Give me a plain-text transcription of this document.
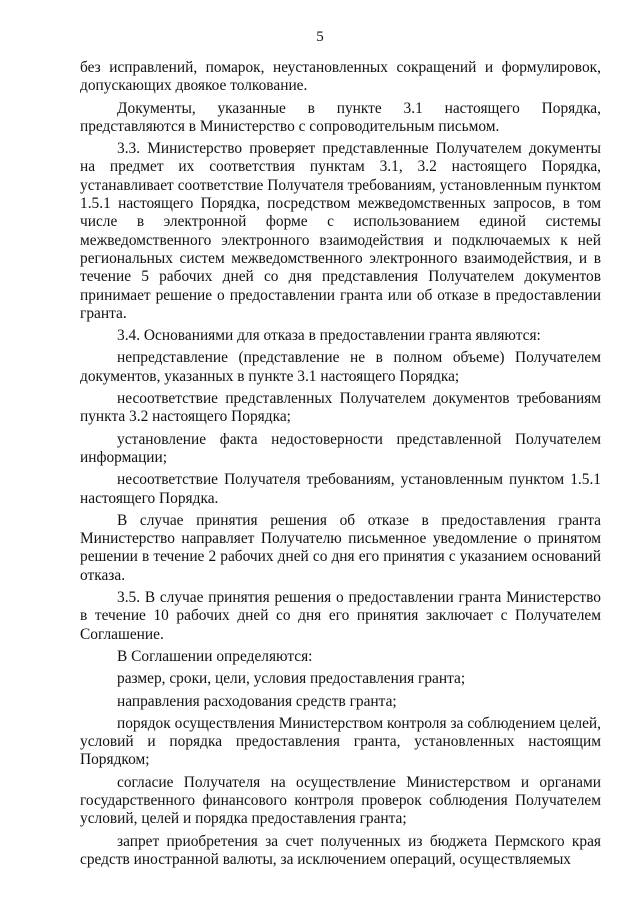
5

без исправлений, помарок, неустановленных сокращений и формулировок, допускающих двоякое толкование.

Документы, указанные в пункте 3.1 настоящего Порядка, представляются в Министерство с сопроводительным письмом.

3.3. Министерство проверяет представленные Получателем документы на предмет их соответствия пунктам 3.1, 3.2 настоящего Порядка, устанавливает соответствие Получателя требованиям, установленным пунктом 1.5.1 настоящего Порядка, посредством межведомственных запросов, в том числе в электронной форме с использованием единой системы межведомственного электронного взаимодействия и подключаемых к ней региональных систем межведомственного электронного взаимодействия, и в течение 5 рабочих дней со дня представления Получателем документов принимает решение о предоставлении гранта или об отказе в предоставлении гранта.

3.4. Основаниями для отказа в предоставлении гранта являются:

непредставление (представление не в полном объеме) Получателем документов, указанных в пункте 3.1 настоящего Порядка;

несоответствие представленных Получателем документов требованиям пункта 3.2 настоящего Порядка;

установление факта недостоверности представленной Получателем информации;

несоответствие Получателя требованиям, установленным пунктом 1.5.1 настоящего Порядка.

В случае принятия решения об отказе в предоставления гранта Министерство направляет Получателю письменное уведомление о принятом решении в течение 2 рабочих дней со дня его принятия с указанием оснований отказа.

3.5. В случае принятия решения о предоставлении гранта Министерство в течение 10 рабочих дней со дня его принятия заключает с Получателем Соглашение.

В Соглашении определяются:

размер, сроки, цели, условия предоставления гранта;

направления расходования средств гранта;

порядок осуществления Министерством контроля за соблюдением целей, условий и порядка предоставления гранта, установленных настоящим Порядком;

согласие Получателя на осуществление Министерством и органами государственного финансового контроля проверок соблюдения Получателем условий, целей и порядка предоставления гранта;

запрет приобретения за счет полученных из бюджета Пермского края средств иностранной валюты, за исключением операций, осуществляемых
